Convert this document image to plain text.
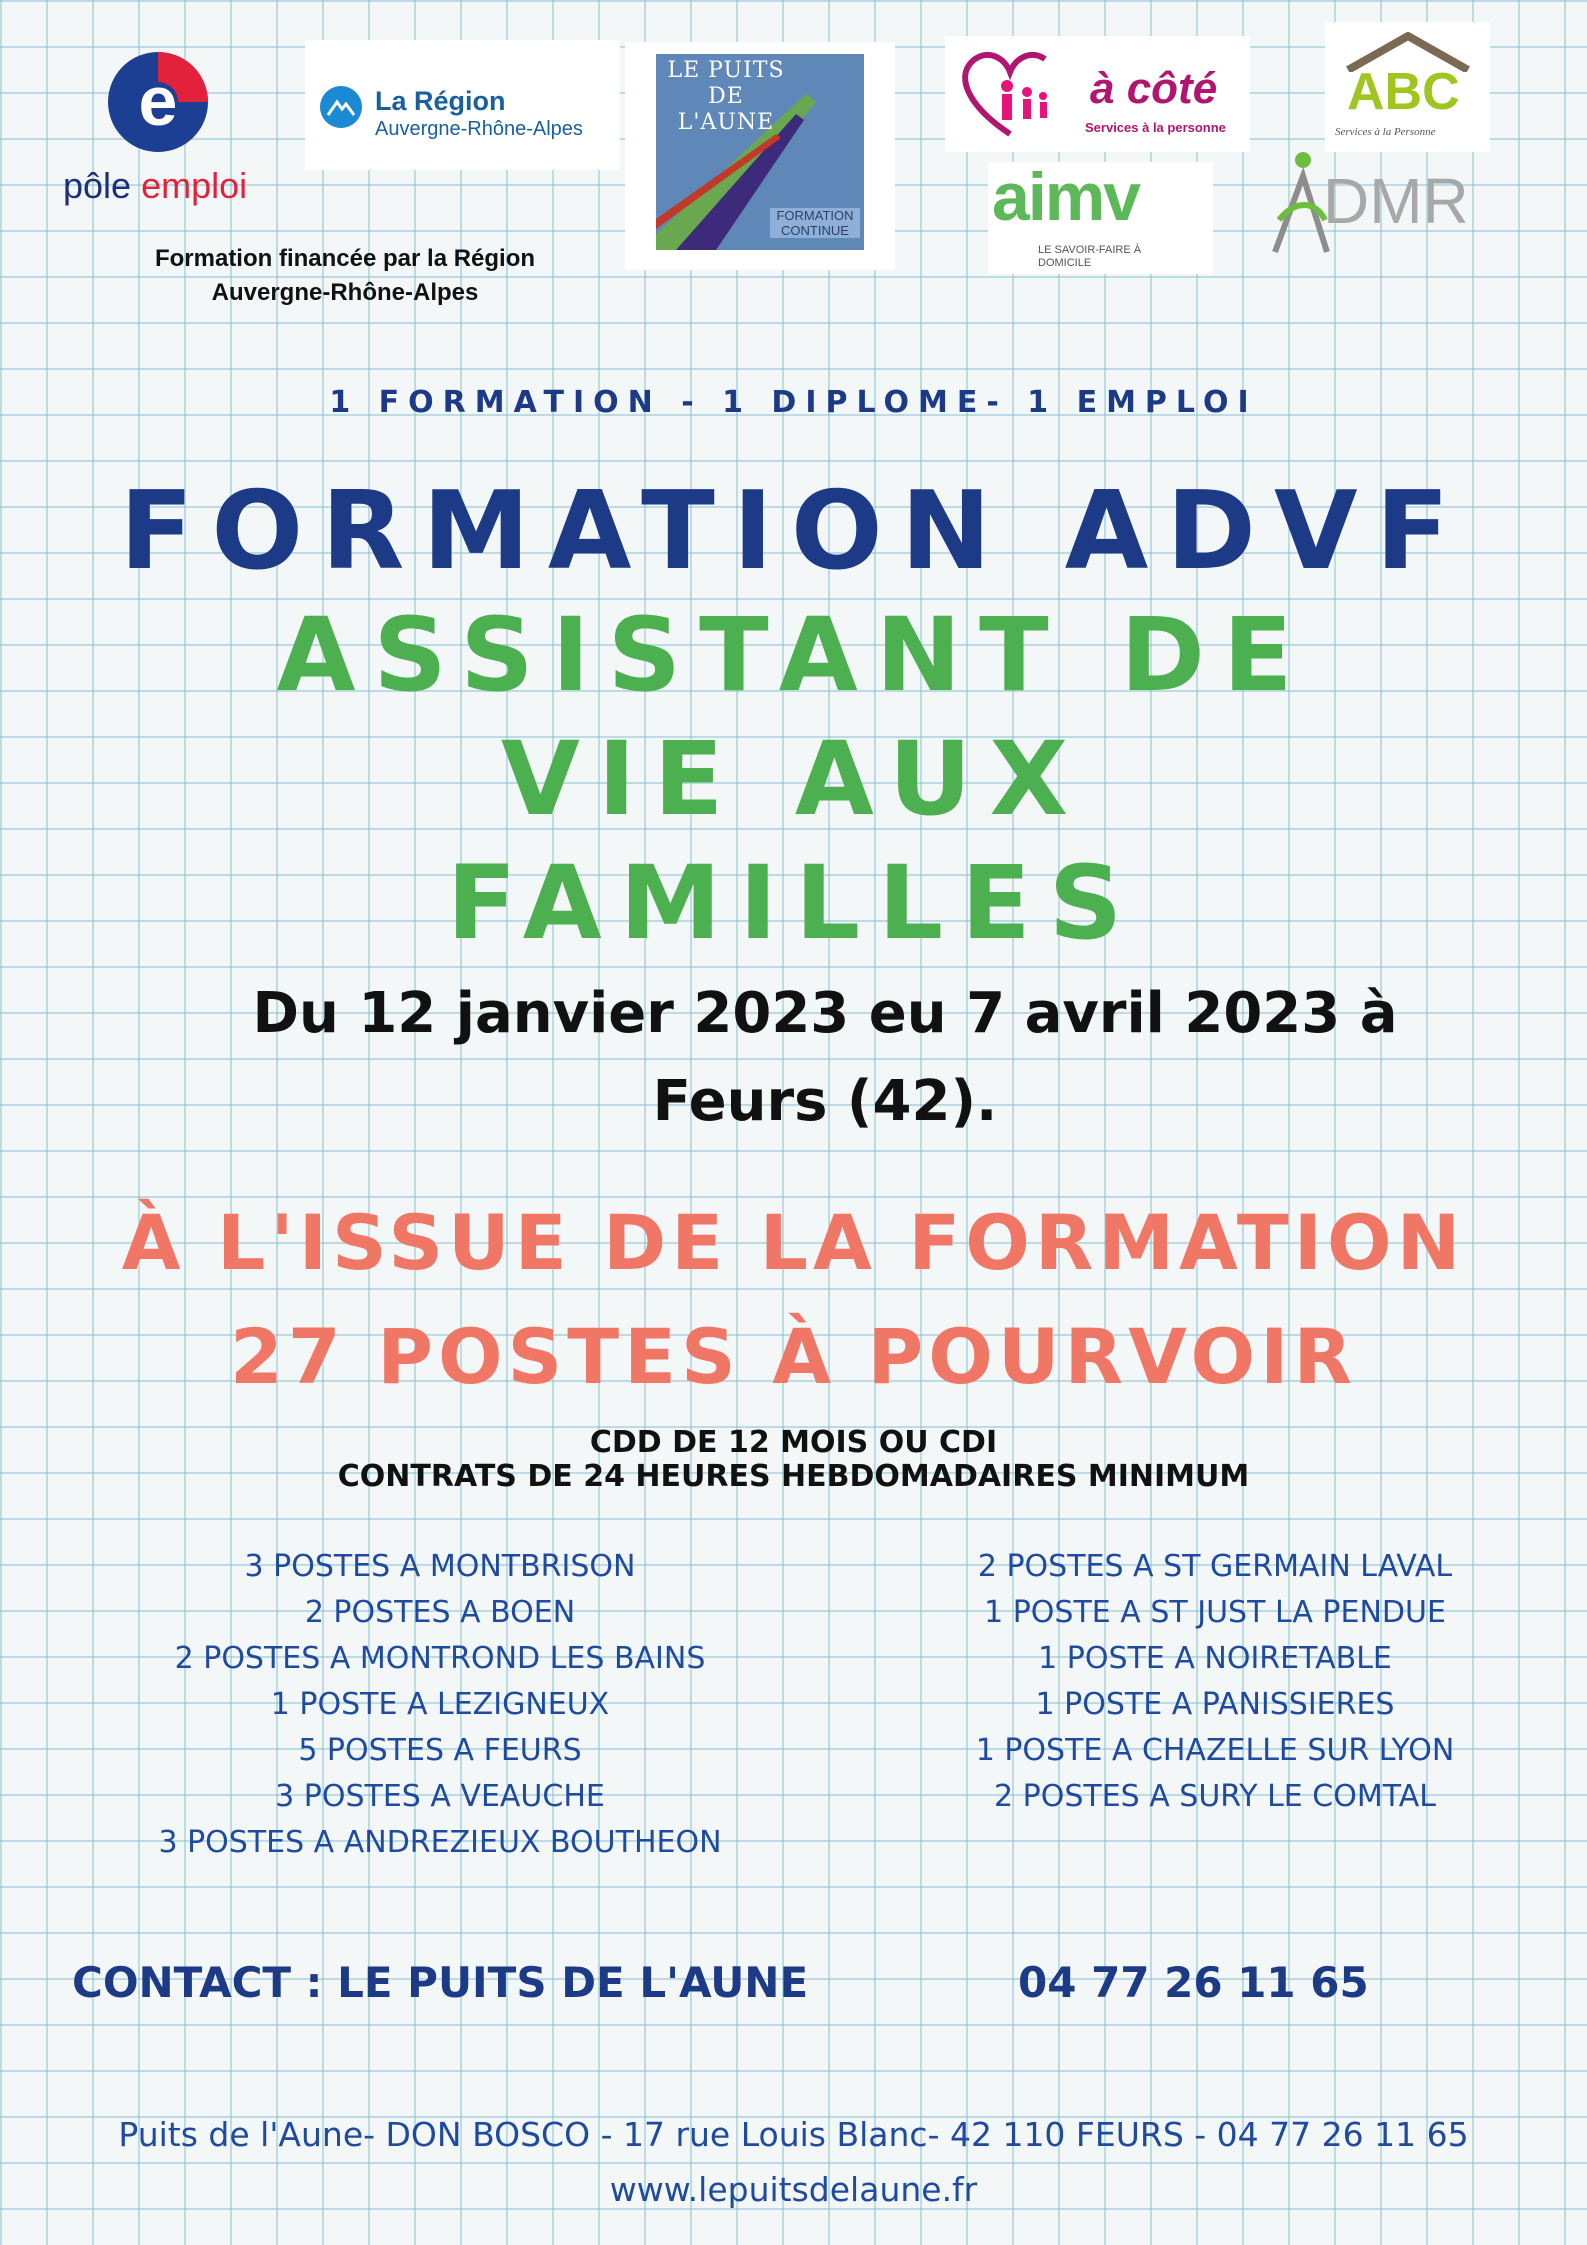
e
pôle emploi
La Région
Auvergne-Rhône-Alpes
LE PUITS DE L'AUNE
FORMATION CONTINUE
à côté
Services à la personne
ABC
Services à la Personne
aimv
LE SAVOIR-FAIRE À DOMICILE
DMR
Formation financée par la Région
Auvergne-Rhône-Alpes
1 FORMATION - 1 DIPLOME- 1 EMPLOI
FORMATION ADVF
ASSISTANT DE
VIE AUX
FAMILLES
Du 12 janvier 2023 eu 7 avril 2023 à
Feurs (42).
À L'ISSUE DE LA FORMATION
27 POSTES À POURVOIR
CDD DE 12 MOIS OU CDI
CONTRATS DE 24 HEURES HEBDOMADAIRES MINIMUM
3 POSTES A MONTBRISON
2 POSTES A BOEN
2 POSTES A MONTROND LES BAINS
1 POSTE A LEZIGNEUX
5 POSTES A FEURS
3 POSTES A VEAUCHE
3 POSTES A ANDREZIEUX BOUTHEON
2 POSTES A ST GERMAIN LAVAL
1 POSTE A ST JUST LA PENDUE
1 POSTE A NOIRETABLE
1 POSTE A PANISSIERES
1 POSTE A CHAZELLE SUR LYON
2 POSTES A SURY LE COMTAL
CONTACT : LE PUITS DE L'AUNE	04 77 26 11 65
Puits de l'Aune- DON BOSCO - 17 rue Louis Blanc- 42 110 FEURS - 04 77 26 11 65
www.lepuitsdelaune.fr
